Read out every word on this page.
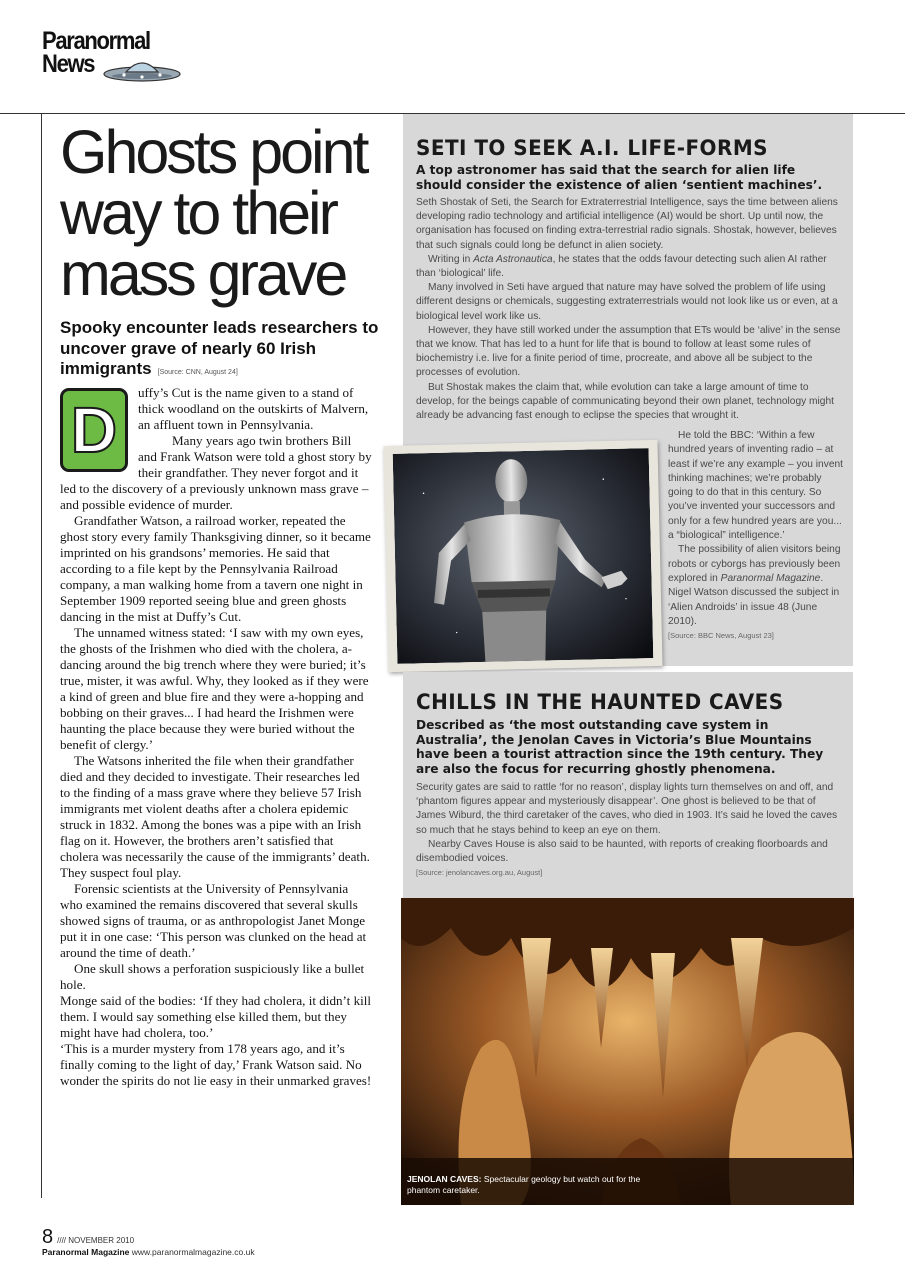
Paranormal
News
Ghosts point way to their mass grave
Spooky encounter leads researchers to uncover grave of nearly 60 Irish immigrants [Source: CNN, August 24]

uffy’s Cut is the name given to a stand of thick woodland on the outskirts of Malvern, an affluent town in Pennsylvania.

Many years ago twin brothers Bill and Frank Watson were told a ghost story by their grandfather. They never forgot and it led to the discovery of a previously unknown mass grave – and possible evidence of murder.

Grandfather Watson, a railroad worker, repeated the ghost story every family Thanksgiving dinner, so it became imprinted on his grandsons’ memories. He said that according to a file kept by the Pennsylvania Railroad company, a man walking home from a tavern one night in September 1909 reported seeing blue and green ghosts dancing in the mist at Duffy’s Cut.

The unnamed witness stated: ‘I saw with my own eyes, the ghosts of the Irishmen who died with the cholera, a-dancing around the big trench where they were buried; it’s true, mister, it was awful. Why, they looked as if they were a kind of green and blue fire and they were a-hopping and bobbing on their graves... I had heard the Irishmen were haunting the place because they were buried without the benefit of clergy.’

The Watsons inherited the file when their grandfather died and they decided to investigate. Their researches led to the finding of a mass grave where they believe 57 Irish immigrants met violent deaths after a cholera epidemic struck in 1832. Among the bones was a pipe with an Irish flag on it. However, the brothers aren’t satisfied that cholera was necessarily the cause of the immigrants’ death. They suspect foul play.

Forensic scientists at the University of Pennsylvania who examined the remains discovered that several skulls showed signs of trauma, or as anthropologist Janet Monge put it in one case: ‘This person was clunked on the head at around the time of death.’

One skull shows a perforation suspiciously like a bullet hole.

Monge said of the bodies: ‘If they had cholera, it didn’t kill them. I would say something else killed them, but they might have had cholera, too.’

‘This is a murder mystery from 178 years ago, and it’s finally coming to the light of day,’ Frank Watson said. No wonder the spirits do not lie easy in their unmarked graves!

D
SETI TO SEEK A.I. LIFE-FORMS
A top astronomer has said that the search for alien life should consider the existence of alien ‘sentient machines’.

Seth Shostak of Seti, the Search for Extraterrestrial Intelligence, says the time between aliens developing radio technology and artificial intelligence (AI) would be short. Up until now, the organisation has focused on finding extra-terrestrial radio signals. Shostak, however, believes that such signals could long be defunct in alien society.

Writing in Acta Astronautica, he states that the odds favour detecting such alien AI rather than ‘biological’ life.

Many involved in Seti have argued that nature may have solved the problem of life using different designs or chemicals, suggesting extraterrestrials would not look like us or even, at a biological level work like us.

However, they have still worked under the assumption that ETs would be ‘alive’ in the sense that we know. That has led to a hunt for life that is bound to follow at least some rules of biochemistry i.e. live for a finite period of time, procreate, and above all be subject to the processes of evolution.

But Shostak makes the claim that, while evolution can take a large amount of time to develop, for the beings capable of communicating beyond their own planet, technology might already be advancing fast enough to eclipse the species that wrought it.

He told the BBC: ‘Within a few hundred years of inventing radio – at least if we’re any example – you invent thinking machines; we’re probably going to do that in this century. So you’ve invented your successors and only for a few hundred years are you... a “biological” intelligence.’

The possibility of alien visitors being robots or cyborgs has previously been explored in Paranormal Magazine. Nigel Watson discussed the subject in ‘Alien Androids’ in issue 48 (June 2010).

[Source: BBC News, August 23]

CHILLS IN THE HAUNTED CAVES
Described as ‘the most outstanding cave system in Australia’, the Jenolan Caves in Victoria’s Blue Mountains have been a tourist attraction since the 19th century. They are also the focus for recurring ghostly phenomena.

Security gates are said to rattle ‘for no reason’, display lights turn themselves on and off, and ‘phantom figures appear and mysteriously disappear’. One ghost is believed to be that of James Wiburd, the third caretaker of the caves, who died in 1903. It’s said he loved the caves so much that he stays behind to keep an eye on them.

Nearby Caves House is also said to be haunted, with reports of creaking floorboards and disembodied voices.

[Source: jenolancaves.org.au, August]

JENOLAN CAVES: Spectacular geology but watch out for the phantom caretaker.
8 //// NOVEMBER 2010
Paranormal Magazine www.paranormalmagazine.co.uk
